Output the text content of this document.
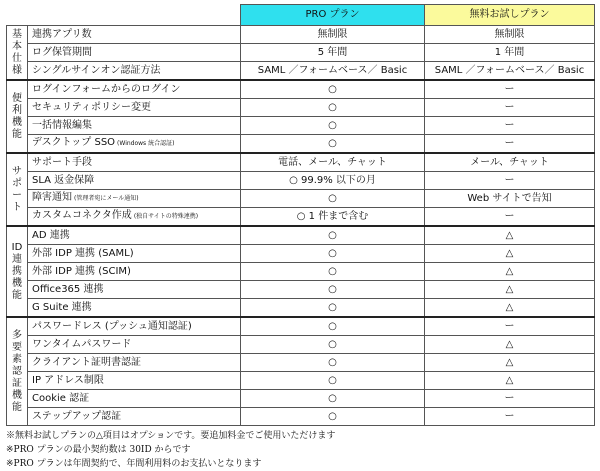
		PRO プラン	無料お試しプラン
基本仕様	連携アプリ数	無制限	無制限
	ログ保管期間	5 年間	1 年間
	シングルサインオン認証方法	SAML ／フォームベース／ Basic	SAML ／フォームベース／ Basic
便利機能	ログインフォームからのログイン	○	ー
	セキュリティポリシー変更	○	ー
	一括情報編集	○	ー
	デスクトップ SSO (Windows 統合認証)	○	ー
サポート	サポート手段	電話、メール、チャット	メール、チャット
	SLA 返金保障	○ 99.9% 以下の月	ー
	障害通知 (管理者宛にメール通知)	○	Web サイトで告知
	カスタムコネクタ作成 (独自サイトの特殊連携)	○ 1 件まで含む	ー
ID連携機能	AD 連携	○	△
	外部 IDP 連携 (SAML)	○	△
	外部 IDP 連携 (SCIM)	○	△
	Office365 連携	○	△
	G Suite 連携	○	△
多要素認証機能	パスワードレス (プッシュ通知認証)	○	ー
	ワンタイムパスワード	○	△
	クライアント証明書認証	○	△
	IP アドレス制限	○	△
	Cookie 認証	○	ー
	ステップアップ認証	○	ー
※無料お試しプランの△項目はオプションです。要追加料金でご使用いただけます
※PRO プランの最小契約数は 30ID からです
※PRO プランは年間契約で、年間利用料のお支払いとなります
